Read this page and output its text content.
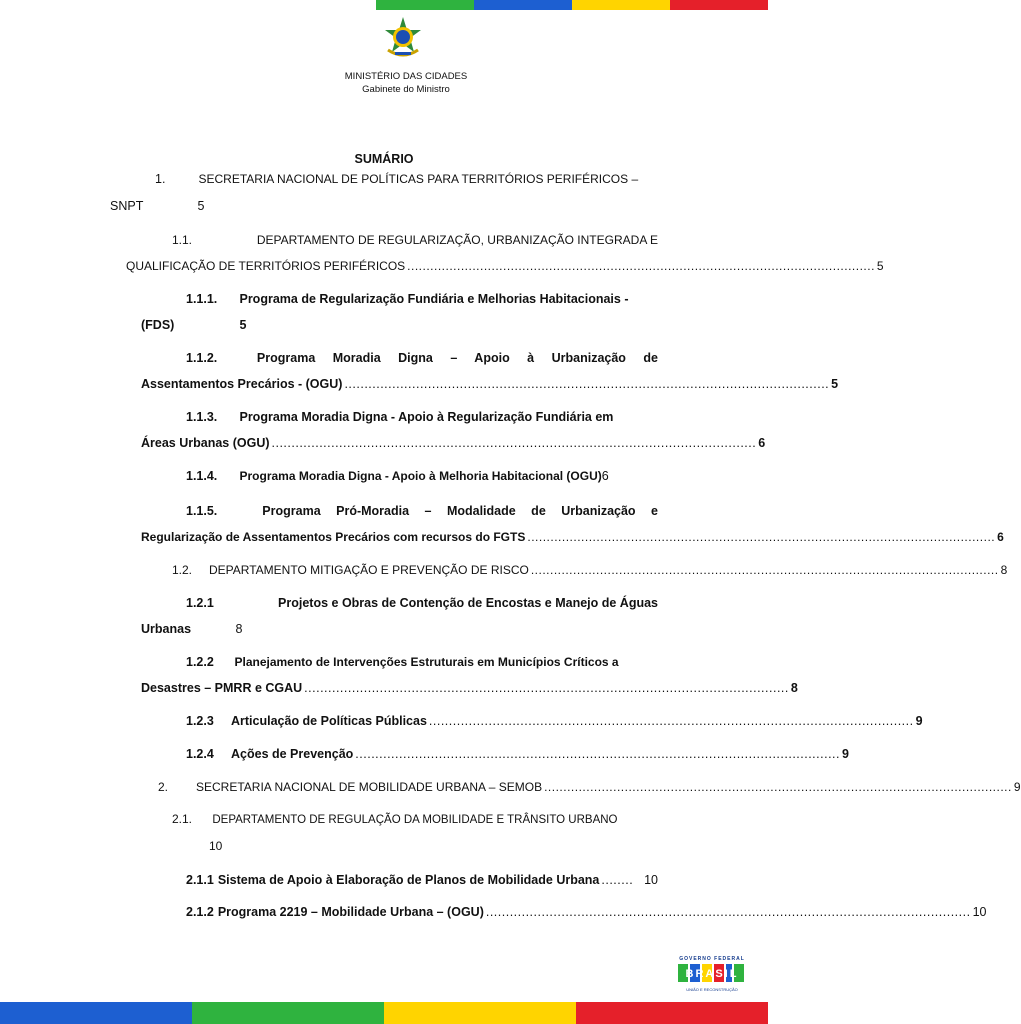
MINISTÉRIO DAS CIDADES
Gabinete do Ministro
SUMÁRIO
1.	SECRETARIA NACIONAL DE POLÍTICAS PARA TERRITÓRIOS PERIFÉRICOS –
SNPT	5
1.1.	DEPARTAMENTO DE REGULARIZAÇÃO, URBANIZAÇÃO INTEGRADA E
QUALIFICAÇÃO DE TERRITÓRIOS PERIFÉRICOS .......................................................................................................................... 5
1.1.1. Programa de Regularização Fundiária e Melhorias Habitacionais -
(FDS)	5
1.1.2.	Programa Moradia Digna – Apoio à Urbanização de
Assentamentos Precários - (OGU) .......................................................................................................................... 5
1.1.3. Programa Moradia Digna - Apoio à Regularização Fundiária em
Áreas Urbanas (OGU) .......................................................................................................................... 6
1.1.4. Programa Moradia Digna - Apoio à Melhoria Habitacional (OGU)6
1.1.5.	Programa Pró-Moradia – Modalidade de Urbanização e
Regularização de Assentamentos Precários com recursos do FGTS .......................................................................................................................... 6
1.2.	DEPARTAMENTO MITIGAÇÃO E PREVENÇÃO DE RISCO .......................................................................................................................... 8
1.2.1	Projetos e Obras de Contenção de Encostas e Manejo de Águas
Urbanas	8
1.2.2 Planejamento de Intervenções Estruturais em Municípios Críticos a
Desastres – PMRR e CGAU .......................................................................................................................... 8
1.2.3	Articulação de Políticas Públicas .......................................................................................................................... 9
1.2.4	Ações de Prevenção .......................................................................................................................... 9
2.	SECRETARIA NACIONAL DE MOBILIDADE URBANA – SEMOB .......................................................................................................................... 9
2.1. DEPARTAMENTO DE REGULAÇÃO DA MOBILIDADE E TRÂNSITO URBANO
10
2.1.1 Sistema de Apoio à Elaboração de Planos de Mobilidade Urbana ........ 10
2.1.2 Programa 2219 – Mobilidade Urbana – (OGU) .......................................................................................................................... 10
GOVERNO FEDERAL
UNIÃO E RECONSTRUÇÃO
BRASIL
